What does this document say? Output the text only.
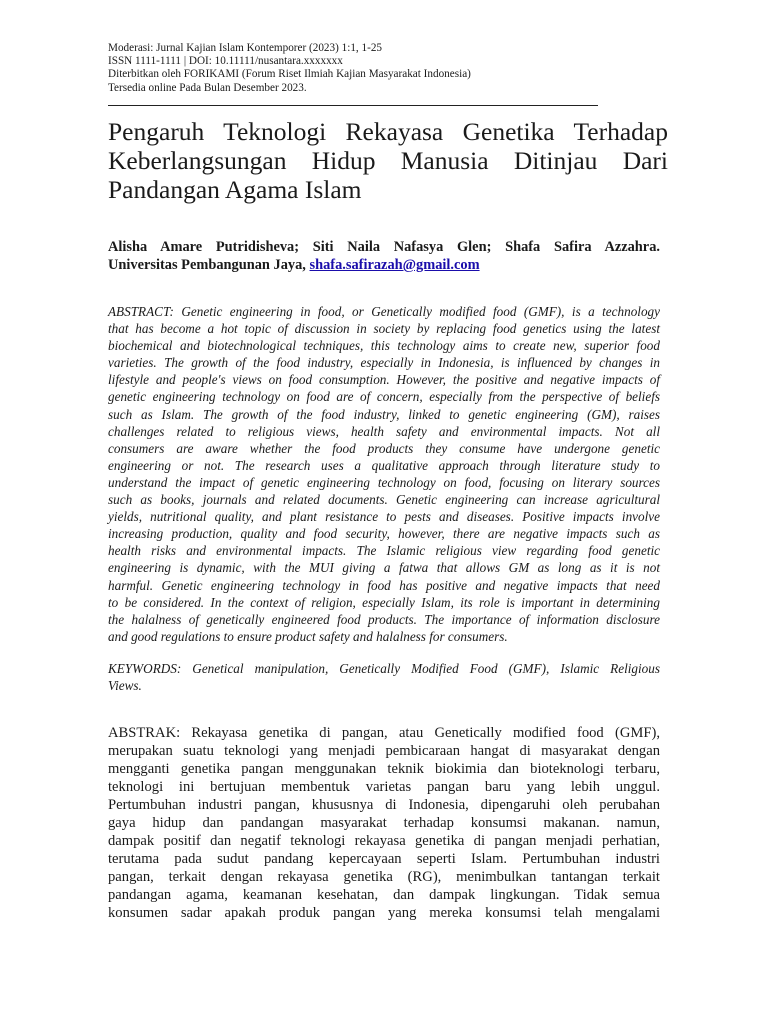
Moderasi: Jurnal Kajian Islam Kontemporer (2023) 1:1, 1-25
ISSN 1111-1111 | DOI: 10.11111/nusantara.xxxxxxx
Diterbitkan oleh FORIKAMI (Forum Riset Ilmiah Kajian Masyarakat Indonesia)
Tersedia online Pada Bulan Desember 2023.
Pengaruh Teknologi Rekayasa Genetika Terhadap
Keberlangsungan Hidup Manusia Ditinjau Dari
Pandangan Agama Islam
Alisha Amare Putridisheva; Siti Naila Nafasya Glen; Shafa Safira Azzahra.
Universitas Pembangunan Jaya, shafa.safirazah@gmail.com
ABSTRACT: Genetic engineering in food, or Genetically modified food (GMF), is a technology
that has become a hot topic of discussion in society by replacing food genetics using the latest
biochemical and biotechnological techniques, this technology aims to create new, superior food
varieties. The growth of the food industry, especially in Indonesia, is influenced by changes in
lifestyle and people's views on food consumption. However, the positive and negative impacts of
genetic engineering technology on food are of concern, especially from the perspective of beliefs
such as Islam. The growth of the food industry, linked to genetic engineering (GM), raises
challenges related to religious views, health safety and environmental impacts. Not all
consumers are aware whether the food products they consume have undergone genetic
engineering or not. The research uses a qualitative approach through literature study to
understand the impact of genetic engineering technology on food, focusing on literary sources
such as books, journals and related documents. Genetic engineering can increase agricultural
yields, nutritional quality, and plant resistance to pests and diseases. Positive impacts involve
increasing production, quality and food security, however, there are negative impacts such as
health risks and environmental impacts. The Islamic religious view regarding food genetic
engineering is dynamic, with the MUI giving a fatwa that allows GM as long as it is not
harmful. Genetic engineering technology in food has positive and negative impacts that need
to be considered. In the context of religion, especially Islam, its role is important in determining
the halalness of genetically engineered food products. The importance of information disclosure
and good regulations to ensure product safety and halalness for consumers.
KEYWORDS: Genetical manipulation, Genetically Modified Food (GMF), Islamic Religious
Views.
ABSTRAK: Rekayasa genetika di pangan, atau Genetically modified food (GMF),
merupakan suatu teknologi yang menjadi pembicaraan hangat di masyarakat dengan
mengganti genetika pangan menggunakan teknik biokimia dan bioteknologi terbaru,
teknologi ini bertujuan membentuk varietas pangan baru yang lebih unggul.
Pertumbuhan industri pangan, khususnya di Indonesia, dipengaruhi oleh perubahan
gaya hidup dan pandangan masyarakat terhadap konsumsi makanan. namun,
dampak positif dan negatif teknologi rekayasa genetika di pangan menjadi perhatian,
terutama pada sudut pandang kepercayaan seperti Islam. Pertumbuhan industri
pangan, terkait dengan rekayasa genetika (RG), menimbulkan tantangan terkait
pandangan agama, keamanan kesehatan, dan dampak lingkungan. Tidak semua
konsumen sadar apakah produk pangan yang mereka konsumsi telah mengalami
